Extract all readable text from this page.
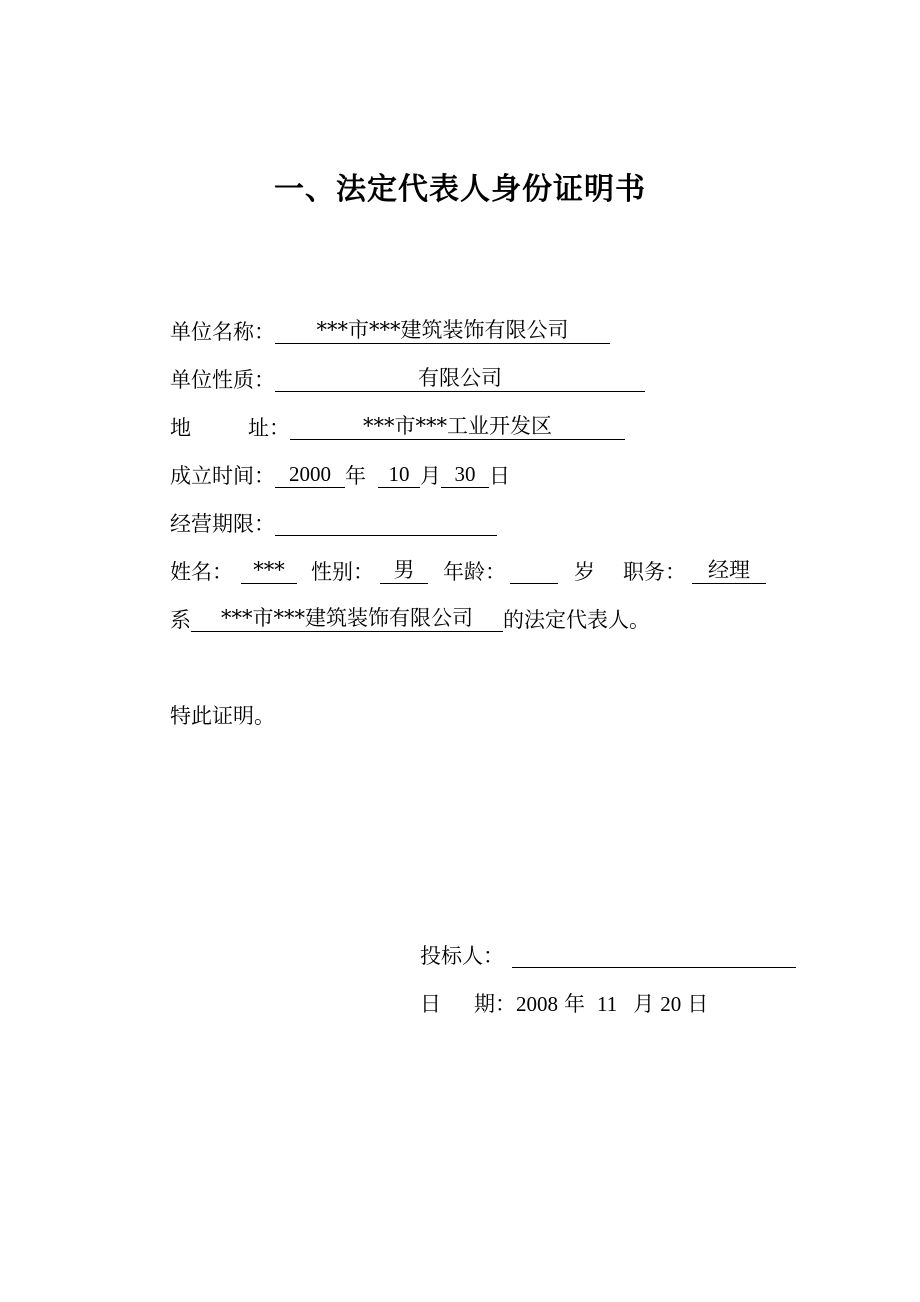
一、法定代表人身份证明书
单位名称： ***市***建筑装饰有限公司
单位性质：	有限公司
地	址：	***市***工业开发区
成立时间： 2000 年 10 月 30 日
经营期限：
姓名： *** 性别： 男 年龄：	岁 职务： 经理
系 ***市***建筑装饰有限公司 的法定代表人。
特此证明。
投标人：
日 期： 2008 年 11 月 20 日
